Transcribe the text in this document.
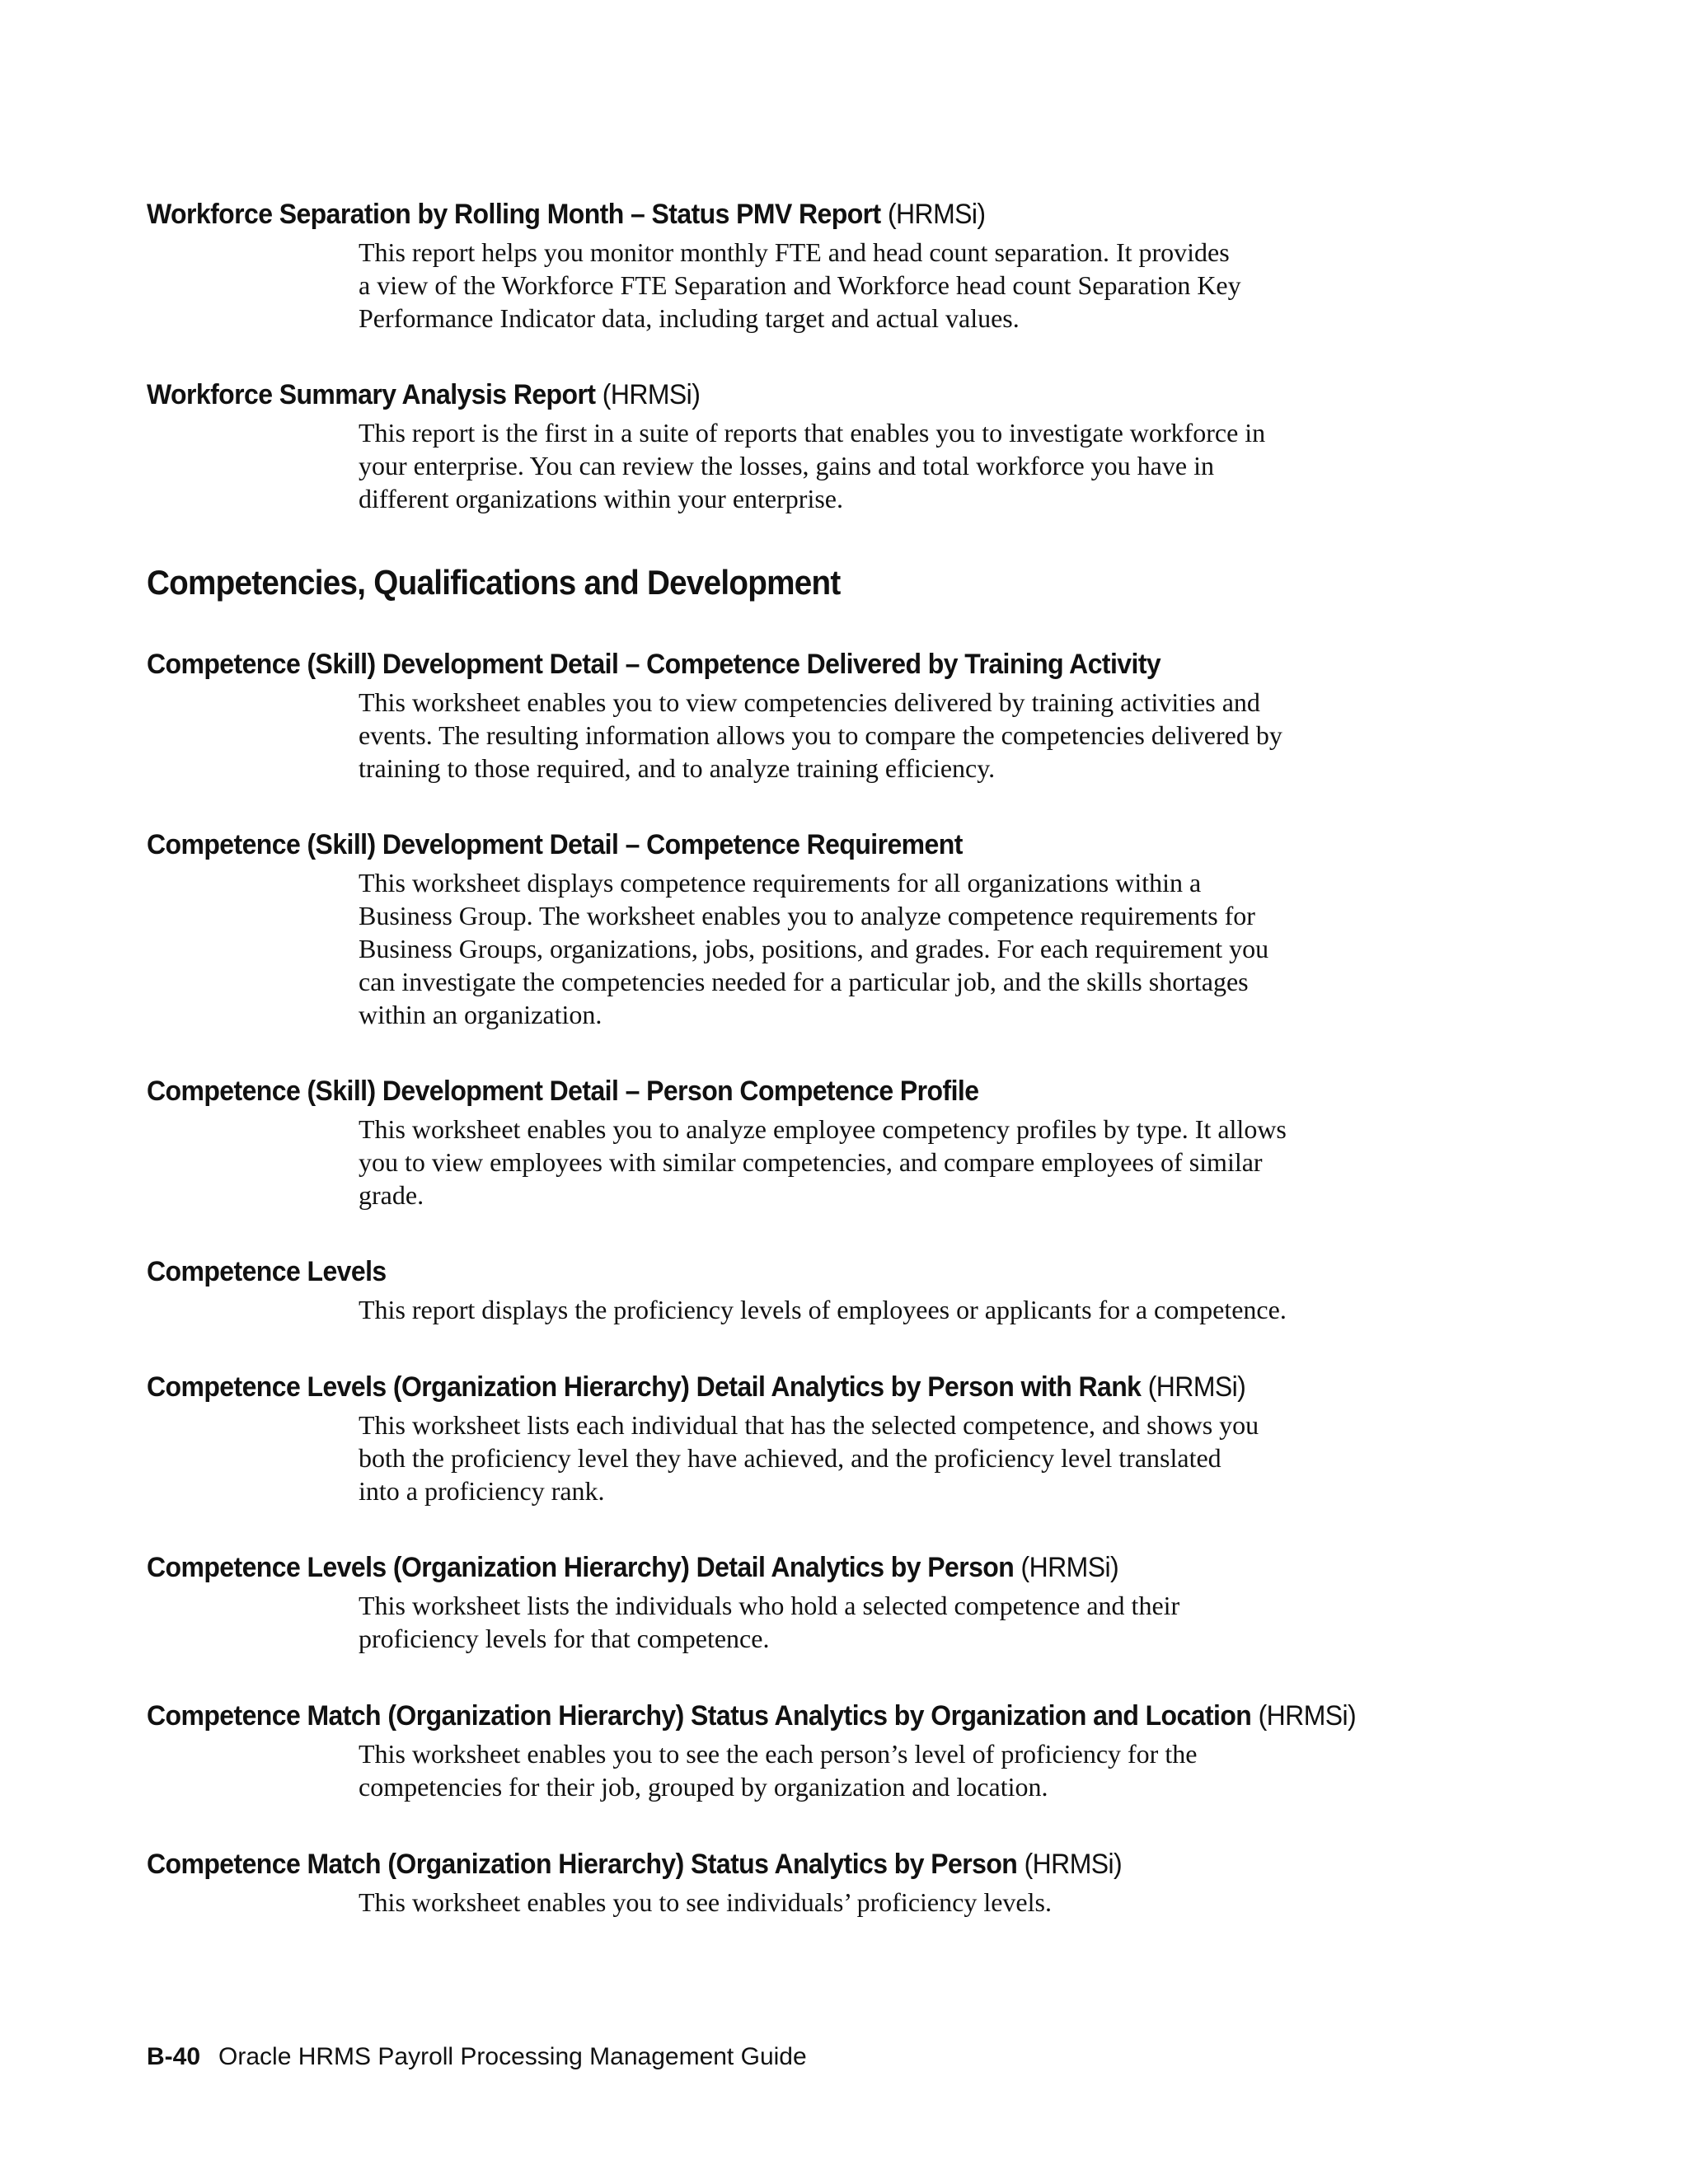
Workforce Separation by Rolling Month – Status PMV Report (HRMSi)

This report helps you monitor monthly FTE and head count separation. It provides
a view of the Workforce FTE Separation and Workforce head count Separation Key
Performance Indicator data, including target and actual values.

Workforce Summary Analysis Report (HRMSi)

This report is the first in a suite of reports that enables you to investigate workforce in
your enterprise. You can review the losses, gains and total workforce you have in
different organizations within your enterprise.

Competencies, Qualifications and Development

Competence (Skill) Development Detail – Competence Delivered by Training Activity

This worksheet enables you to view competencies delivered by training activities and
events. The resulting information allows you to compare the competencies delivered by
training to those required, and to analyze training efficiency.

Competence (Skill) Development Detail – Competence Requirement

This worksheet displays competence requirements for all organizations within a
Business Group. The worksheet enables you to analyze competence requirements for
Business Groups, organizations, jobs, positions, and grades. For each requirement you
can investigate the competencies needed for a particular job, and the skills shortages
within an organization.

Competence (Skill) Development Detail – Person Competence Profile

This worksheet enables you to analyze employee competency profiles by type. It allows
you to view employees with similar competencies, and compare employees of similar
grade.

Competence Levels

This report displays the proficiency levels of employees or applicants for a competence.

Competence Levels (Organization Hierarchy) Detail Analytics by Person with Rank (HRMSi)

This worksheet lists each individual that has the selected competence, and shows you
both the proficiency level they have achieved, and the proficiency level translated
into a proficiency rank.

Competence Levels (Organization Hierarchy) Detail Analytics by Person (HRMSi)

This worksheet lists the individuals who hold a selected competence and their
proficiency levels for that competence.

Competence Match (Organization Hierarchy) Status Analytics by Organization and Location (HRMSi)

This worksheet enables you to see the each person’s level of proficiency for the
competencies for their job, grouped by organization and location.

Competence Match (Organization Hierarchy) Status Analytics by Person (HRMSi)

This worksheet enables you to see individuals’ proficiency levels.

B-40 Oracle HRMS Payroll Processing Management Guide
